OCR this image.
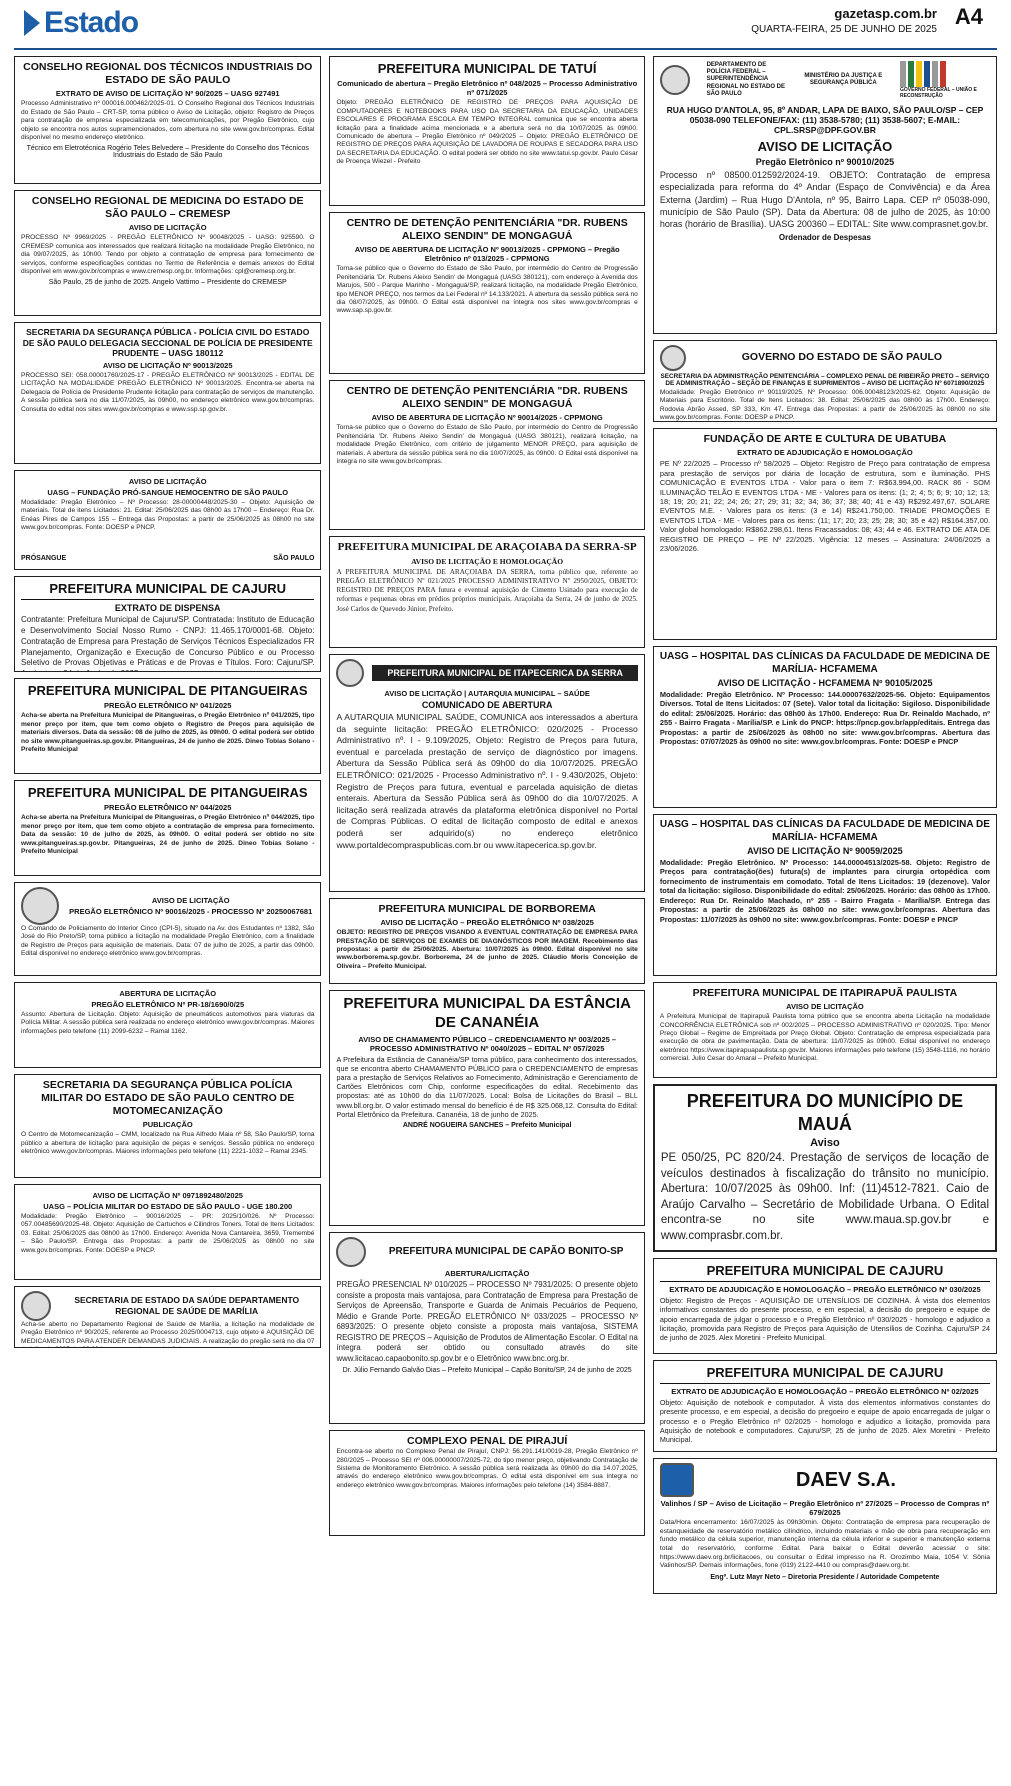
Estado	gazetasp.com.br
QUARTA-FEIRA, 25 DE JUNHO DE 2025
A4
CONSELHO REGIONAL DOS TÉCNICOS INDUSTRIAIS DO ESTADO DE SÃO PAULO
EXTRATO DE AVISO DE LICITAÇÃO Nº 90/2025 – UASG 927491
Processo Administrativo nº 000016.000462/2025-01. O Conselho Regional dos Técnicos Industriais do Estado de São Paulo – CRT-SP, torna público o Aviso de Licitação, objeto: Registro de Preços para contratação de empresa especializada em telecomunicações, por Pregão Eletrônico, cujo objeto se encontra nos autos supramencionados, com abertura no site www.gov.br/compras. Edital disponível no mesmo endereço eletrônico.
Técnico em Eletrotécnica Rogério Teles Belvedere – Presidente do Conselho dos Técnicos Industriais do Estado de São Paulo
CONSELHO REGIONAL DE MEDICINA DO ESTADO DE SÃO PAULO – CREMESP
AVISO DE LICITAÇÃO
PROCESSO Nº 9969/2025 - PREGÃO ELETRÔNICO Nº 90048/2025 - UASG: 925590. O CREMESP comunica aos interessados que realizará licitação na modalidade Pregão Eletrônico, no dia 09/07/2025, às 10h00. Tendo por objeto a contratação de empresa para fornecimento de serviços, conforme especificações contidas no Termo de Referência e demais anexos do Edital disponível em www.gov.br/compras e www.cremesp.org.br. Informações: cpl@cremesp.org.br.
São Paulo, 25 de junho de 2025. Angelo Vattimo – Presidente do CREMESP
SECRETARIA DA SEGURANÇA PÚBLICA - POLÍCIA CIVIL DO ESTADO DE SÃO PAULO DELEGACIA SECCIONAL DE POLÍCIA DE PRESIDENTE PRUDENTE – UASG 180112
AVISO DE LICITAÇÃO Nº 90013/2025
PROCESSO SEI: 058.00001760/2025-17 - PREGÃO ELETRÔNICO Nº 90013/2025 - EDITAL DE LICITAÇÃO NA MODALIDADE PREGÃO ELETRÔNICO Nº 90013/2025. Encontra-se aberta na Delegacia de Polícia de Presidente Prudente licitação para contratação de serviços de manutenção. A sessão pública será no dia 11/07/2025, às 09h00, no endereço eletrônico www.gov.br/compras. Consulta do edital nos sites www.gov.br/compras e www.ssp.sp.gov.br.
AVISO DE LICITAÇÃO
UASG – FUNDAÇÃO PRÓ-SANGUE HEMOCENTRO DE SÃO PAULO
Modalidade: Pregão Eletrônico – Nº Processo: 28-00000448/2025-30 – Objeto: Aquisição de materiais. Total de itens Licitados: 21. Edital: 25/06/2025 das 08h00 às 17h00 – Endereço: Rua Dr. Enéas Pires de Campos 155 – Entrega das Propostas: a partir de 25/06/2025 às 08h00 no site www.gov.br/compras. Fonte: DOESP e PNCP.
PRÓSANGUE	SÃO PAULO
PREFEITURA MUNICIPAL DE CAJURU
EXTRATO DE DISPENSA
Contratante: Prefeitura Municipal de Cajuru/SP. Contratada: Instituto de Educação e Desenvolvimento Social Nosso Rumo - CNPJ: 11.465.170/0001-68. Objeto: Contratação de Empresa para Prestação de Serviços Técnicos Especializados FR Planejamento, Organização e Execução de Concurso Público e ou Processo Seletivo de Provas Objetivas e Práticas e de Provas e Títulos. Foro: Cajuru/SP.
PREFEITURA MUNICIPAL DE PITANGUEIRAS
PREGÃO ELETRÔNICO Nº 041/2025
Acha-se aberta na Prefeitura Municipal de Pitangueiras, o Pregão Eletrônico nº 041/2025, tipo menor preço por item, que tem como objeto o Registro de Preços para aquisição de materiais diversos. Data da sessão: 08 de julho de 2025, às 09h00. O edital poderá ser obtido no site www.pitangueiras.sp.gov.br. Pitangueiras, 24 de junho de 2025. Dineo Tobias Solano - Prefeito Municipal
PREFEITURA MUNICIPAL DE PITANGUEIRAS
PREGÃO ELETRÔNICO Nº 044/2025
Acha-se aberta na Prefeitura Municipal de Pitangueiras, o Pregão Eletrônico nº 044/2025, tipo menor preço por item, que tem como objeto a contratação de empresa para fornecimento. Data da sessão: 10 de julho de 2025, às 09h00. O edital poderá ser obtido no site www.pitangueiras.sp.gov.br. Pitangueiras, 24 de junho de 2025. Dineo Tobias Solano - Prefeito Municipal
AVISO DE LICITAÇÃO
PREGÃO ELETRÔNICO Nº 90016/2025 - PROCESSO Nº 20250067681
O Comando de Policiamento do Interior Cinco (CPI-5), situado na Av. dos Estudantes nº 1382, São José do Rio Preto/SP, torna público a licitação na modalidade Pregão Eletrônico, com a finalidade de Registro de Preços para aquisição de materiais. Data: 07 de julho de 2025, a partir das 09h00. Edital disponível no endereço eletrônico www.gov.br/compras.
ABERTURA DE LICITAÇÃO
PREGÃO ELETRÔNICO Nº PR-18/1690/0/25
Assunto: Abertura de Licitação. Objeto: Aquisição de pneumáticos automotivos para viaturas da Polícia Militar. A sessão pública será realizada no endereço eletrônico www.gov.br/compras. Maiores informações pelo telefone (11) 2099-6232 – Ramal 1162.
SECRETARIA DA SEGURANÇA PÚBLICA POLÍCIA MILITAR DO ESTADO DE SÃO PAULO CENTRO DE MOTOMECANIZAÇÃO
PUBLICAÇÃO
O Centro de Motomecanização – CMM, localizado na Rua Alfredo Maia nº 58, São Paulo/SP, torna público a abertura de licitação para aquisição de peças e serviços. Sessão pública no endereço eletrônico www.gov.br/compras. Maiores informações pelo telefone (11) 2221-1032 – Ramal 2345.
AVISO DE LICITAÇÃO Nº 0971892480/2025
UASG – POLÍCIA MILITAR DO ESTADO DE SÃO PAULO - UGE 180.200
Modalidade: Pregão Eletrônico – 90016/2025 – PR: 2025/10/026. Nº Processo: 057.00485690/2025-48. Objeto: Aquisição de Cartuchos e Cilindros Toners. Total de Itens Licitados: 03. Edital: 25/06/2025 das 08h00 às 17h00. Endereço: Avenida Nova Cantareira, 3659, Tremembé – São Paulo/SP. Entrega das Propostas: a partir de 25/06/2025 às 08h00 no site www.gov.br/compras. Fonte: DOESP e PNCP.
SECRETARIA DE ESTADO DA SAÚDE DEPARTAMENTO REGIONAL DE SAÚDE DE MARÍLIA
Acha-se aberto no Departamento Regional de Saúde de Marília, a licitação na modalidade de Pregão Eletrônico nº 90/2025, referente ao Processo 2025/0004713, cujo objeto é AQUISIÇÃO DE MEDICAMENTOS PARA ATENDER DEMANDAS JUDICIAIS. A realização do pregão será no dia 07
PREFEITURA MUNICIPAL DE TATUÍ
Comunicado de abertura – Pregão Eletrônico nº 048/2025 – Processo Administrativo nº 071/2025
Objeto: PREGÃO ELETRÔNICO DE REGISTRO DE PREÇOS PARA AQUISIÇÃO DE COMPUTADORES E NOTEBOOKS PARA USO DA SECRETARIA DA EDUCAÇÃO, UNIDADES ESCOLARES E PROGRAMA ESCOLA EM TEMPO INTEGRAL comunica que se encontra aberta licitação para a finalidade acima mencionada e a abertura será no dia 10/07/2025 às 09h00. Comunicado de abertura – Pregão Eletrônico nº 049/2025 – Objeto: PREGÃO ELETRÔNICO DE REGISTRO DE PREÇOS PARA AQUISIÇÃO DE LAVADORA DE ROUPAS E SECADORA PARA USO DA SECRETARIA DA EDUCAÇÃO. O edital poderá ser obtido no site www.tatui.sp.gov.br. Paulo César de Proença Wiezel - Prefeito
CENTRO DE DETENÇÃO PENITENCIÁRIA "DR. RUBENS ALEIXO SENDIN" DE MONGAGUÁ
AVISO DE ABERTURA DE LICITAÇÃO Nº 90013/2025 - CPPMONG – Pregão Eletrônico nº 013/2025 - CPPMONG
Torna-se público que o Governo do Estado de São Paulo, por intermédio do Centro de Progressão Penitenciária 'Dr. Rubens Aleixo Sendin' de Mongaguá (UASG 380121), com endereço à Avenida dos Marujos, 500 - Parque Marinho - Mongaguá/SP, realizará licitação, na modalidade Pregão Eletrônico, tipo MENOR PREÇO, nos termos da Lei Federal nº 14.133/2021. A abertura da sessão pública será no dia 08/07/2025, às 09h00. O Edital está disponível na íntegra nos sites www.gov.br/compras e www.sap.sp.gov.br.
CENTRO DE DETENÇÃO PENITENCIÁRIA "DR. RUBENS ALEIXO SENDIN" DE MONGAGUÁ
AVISO DE ABERTURA DE LICITAÇÃO Nº 90014/2025 - CPPMONG
Torna-se público que o Governo do Estado de São Paulo, por intermédio do Centro de Progressão Penitenciária 'Dr. Rubens Aleixo Sendin' de Mongaguá (UASG 380121), realizará licitação, na modalidade Pregão Eletrônico, com critério de julgamento MENOR PREÇO, para aquisição de materiais. A abertura da sessão pública será no dia 10/07/2025, às 09h00. O Edital está disponível na íntegra no site www.gov.br/compras.
PREFEITURA MUNICIPAL DE ARAÇOIABA DA SERRA-SP
AVISO DE LICITAÇÃO E HOMOLOGAÇÃO
A PREFEITURA MUNICIPAL DE ARAÇOIABA DA SERRA, torna público que, referente ao PREGÃO ELETRÔNICO Nº 021/2025 PROCESSO ADMINISTRATIVO Nº 2950/2025, OBJETO: REGISTRO DE PREÇOS PARA futura e eventual aquisição de Cimento Usinado para execução de reformas e pequenas obras em prédios próprios municipais. Araçoiaba da Serra, 24 de junho de 2025. José Carlos de Quevedo Júnior, Prefeito.
PREFEITURA MUNICIPAL DE ITAPECERICA DA SERRA
AVISO DE LICITAÇÃO | AUTARQUIA MUNICIPAL – SAÚDE
COMUNICADO DE ABERTURA
A AUTARQUIA MUNICIPAL SAÚDE, COMUNICA aos interessados a abertura da seguinte licitação: PREGÃO ELETRÔNICO: 020/2025 - Processo Administrativo nº. I - 9.109/2025, Objeto: Registro de Preços para futura, eventual e parcelada prestação de serviço de diagnóstico por imagens. Abertura da Sessão Pública será às 09h00 do dia 10/07/2025. PREGÃO ELETRÔNICO: 021/2025 - Processo Administrativo nº. I - 9.430/2025, Objeto: Registro de Preços para futura, eventual e parcelada aquisição de dietas enterais. Abertura da Sessão Pública será às 09h00 do dia 10/07/2025. A licitação será realizada através da plataforma eletrônica disponível no Portal de Compras Públicas. O edital de licitação composto de edital e anexos poderá ser adquirido(s) no endereço eletrônico www.portaldecompraspublicas.com.br ou www.itapecerica.sp.gov.br.
PREFEITURA MUNICIPAL DE BORBOREMA
AVISO DE LICITAÇÃO – PREGÃO ELETRÔNICO Nº 038/2025
OBJETO: REGISTRO DE PREÇOS VISANDO A EVENTUAL CONTRATAÇÃO DE EMPRESA PARA PRESTAÇÃO DE SERVIÇOS DE EXAMES DE DIAGNÓSTICOS POR IMAGEM. Recebimento das propostas: a partir de 25/06/2025. Abertura: 10/07/2025 às 09h00. Edital disponível no site www.borborema.sp.gov.br. Borborema, 24 de junho de 2025. Cláudio Moris Conceição de Oliveira – Prefeito Municipal.
PREFEITURA MUNICIPAL DA ESTÂNCIA DE CANANÉIA
AVISO DE CHAMAMENTO PÚBLICO – CREDENCIAMENTO Nº 003/2025 – PROCESSO ADMINISTRATIVO Nº 0040/2025 – EDITAL Nº 057/2025
A Prefeitura da Estância de Cananéia/SP torna público, para conhecimento dos interessados, que se encontra aberto CHAMAMENTO PÚBLICO para o CREDENCIAMENTO de empresas para a prestação de Serviços Relativos ao Fornecimento, Administração e Gerenciamento de Cartões Eletrônicos com Chip, conforme especificações do edital. Recebimento das propostas: até as 10h00 do dia 11/07/2025. Local: Bolsa de Licitações do Brasil – BLL www.bll.org.br. O valor estimado mensal do benefício é de R$ 325.068,12. Consulta do Edital: Portal Eletrônico da Prefeitura. Cananéia, 18 de junho de 2025.
ANDRÉ NOGUEIRA SANCHES – Prefeito Municipal
PREFEITURA MUNICIPAL DE CAPÃO BONITO-SP
ABERTURA/LICITAÇÃO
PREGÃO PRESENCIAL Nº 010/2025 – PROCESSO Nº 7931/2025: O presente objeto consiste a proposta mais vantajosa, para Contratação de Empresa para Prestação de Serviços de Apreensão, Transporte e Guarda de Animais Pecuários de Pequeno, Médio e Grande Porte. PREGÃO ELETRÔNICO Nº 033/2025 – PROCESSO Nº 6893/2025: O presente objeto consiste a proposta mais vantajosa, SISTEMA REGISTRO DE PREÇOS – Aquisição de Produtos de Alimentação Escolar. O Edital na íntegra poderá ser obtido ou consultado através do site www.licitacao.capaobonito.sp.gov.br e o Eletrônico www.bnc.org.br.
Dr. Júlio Fernando Galvão Dias – Prefeito Municipal – Capão Bonito/SP, 24 de junho de 2025
COMPLEXO PENAL DE PIRAJUÍ
Encontra-se aberto no Complexo Penal de Pirajuí, CNPJ: 56.291.141/0019-28, Pregão Eletrônico nº 280/2025 – Processo SEI nº 006.00000007/2025-72, do tipo menor preço, objetivando Contratação de Sistema de Monitoramento Eletrônico. A sessão pública será realizada às 09h00 do dia 14.07.2025, através do endereço eletrônico www.gov.br/compras. O edital está disponível em sua íntegra no endereço eletrônico www.gov.br/compras. Maiores informações pelo telefone (14) 3584-8887.
DEPARTAMENTO DE POLÍCIA FEDERAL – SUPERINTENDÊNCIA REGIONAL NO ESTADO DE SÃO PAULO
MINISTÉRIO DA JUSTIÇA E SEGURANÇA PÚBLICA
GOVERNO FEDERAL – UNIÃO E RECONSTRUÇÃO
RUA HUGO D'ANTOLA, 95, 8º ANDAR, LAPA DE BAIXO, SÃO PAULO/SP – CEP 05038-090 TELEFONE/FAX: (11) 3538-5780; (11) 3538-5607; E-MAIL: CPL.SRSP@DPF.GOV.BR
AVISO DE LICITAÇÃO
Pregão Eletrônico nº 90010/2025
Processo nº 08500.012592/2024-19. OBJETO: Contratação de empresa especializada para reforma do 4º Andar (Espaço de Convivência) e da Área Externa (Jardim) – Rua Hugo D'Antola, nº 95, Bairro Lapa. CEP nº 05038-090, município de São Paulo (SP). Data da Abertura: 08 de julho de 2025, às 10:00 horas (horário de Brasília). UASG 200360 – EDITAL: Site www.comprasnet.gov.br.
Ordenador de Despesas
GOVERNO DO ESTADO DE SÃO PAULO
SECRETARIA DA ADMINISTRAÇÃO PENITENCIÁRIA – COMPLEXO PENAL DE RIBEIRÃO PRETO – SERVIÇO DE ADMINISTRAÇÃO – SEÇÃO DE FINANÇAS E SUPRIMENTOS – AVISO DE LICITAÇÃO Nº 6071890/2025
Modalidade: Pregão Eletrônico nº 90119/2025. Nº Processo: 006.00048123/2025-62. Objeto: Aquisição de Materiais para Escritório. Total de Itens Licitados: 38. Edital: 25/06/2025 das 08h00 às 17h00. Endereço: Rodovia Abrão Assed, SP 333, Km 47. Entrega das Propostas: a partir de 25/06/2025 às 08h00 no site www.gov.br/compras. Fonte: DOESP e PNCP.
FUNDAÇÃO DE ARTE E CULTURA DE UBATUBA
EXTRATO DE ADJUDICAÇÃO E HOMOLOGAÇÃO
PE Nº 22/2025 – Processo nº 58/2025 – Objeto: Registro de Preço para contratação de empresa para prestação de serviços por diária de locação de estrutura, som e iluminação. PHS COMUNICAÇÃO E EVENTOS LTDA - Valor para o item 7: R$63.994,00. RACK 86 - SOM ILUMINAÇÃO TELÃO E EVENTOS LTDA - ME - Valores para os itens: (1; 2; 4; 5; 6; 9; 10; 12; 13; 18; 19; 20; 21; 22; 24; 26; 27; 29; 31; 32; 34; 36; 37; 38; 40; 41 e 43) R$292.497,67. SOLARE EVENTOS M.E. - Valores para os itens: (3 e 14) R$241.750,00. TRIADE PROMOÇÕES E EVENTOS LTDA - ME - Valores para os itens: (11; 17; 20; 23; 25; 28; 30; 35 e 42) R$164.357,00. Valor global homologado: R$862.298,61. Itens Fracassados: 08; 43; 44 e 46. EXTRATO DE ATA DE REGISTRO DE PREÇO – PE Nº 22/2025. Vigência: 12 meses – Assinatura: 24/06/2025 a 23/06/2026.
UASG – HOSPITAL DAS CLÍNICAS DA FACULDADE DE MEDICINA DE MARÍLIA- HCFAMEMA
AVISO DE LICITAÇÃO - HCFAMEMA Nº 90105/2025
Modalidade: Pregão Eletrônico. Nº Processo: 144.00007632/2025-56. Objeto: Equipamentos Diversos. Total de Itens Licitados: 07 (Sete). Valor total da licitação: Sigiloso. Disponibilidade do edital: 25/06/2025. Horário: das 08h00 às 17h00. Endereço: Rua Dr. Reinaldo Machado, nº 255 - Bairro Fragata - Marília/SP. e Link do PNCP: https://pncp.gov.br/app/editais. Entrega das Propostas: a partir de 25/06/2025 às 08h00 no site: www.gov.br/compras. Abertura das Propostas: 07/07/2025 às 09h00 no site: www.gov.br/compras. Fonte: DOESP e PNCP
UASG – HOSPITAL DAS CLÍNICAS DA FACULDADE DE MEDICINA DE MARÍLIA- HCFAMEMA
AVISO DE LICITAÇÃO Nº 90059/2025
Modalidade: Pregão Eletrônico. Nº Processo: 144.00004513/2025-58. Objeto: Registro de Preços para contratação(ões) futura(s) de implantes para cirurgia ortopédica com fornecimento de instrumentais em comodato. Total de Itens Licitados: 19 (dezenove). Valor total da licitação: sigiloso. Disponibilidade do edital: 25/06/2025. Horário: das 08h00 às 17h00. Endereço: Rua Dr. Reinaldo Machado, nº 255 - Bairro Fragata - Marília/SP. Entrega das Propostas: a partir de 25/06/2025 às 08h00 no site: www.gov.br/compras. Abertura das Propostas: 11/07/2025 às 09h00 no site: www.gov.br/compras. Fonte: DOESP e PNCP
PREFEITURA MUNICIPAL DE ITAPIRAPUÃ PAULISTA
AVISO DE LICITAÇÃO
A Prefeitura Municipal de Itapirapuã Paulista torna público que se encontra aberta Licitação na modalidade CONCORRÊNCIA ELETRÔNICA sob nº 002/2025 – PROCESSO ADMINISTRATIVO nº 020/2025. Tipo: Menor Preço Global – Regime de Empreitada por Preço Global. Objeto: Contratação de empresa especializada para execução de obra de pavimentação. Data de abertura: 11/07/2025 às 09h00. Edital disponível no endereço eletrônico https://www.itapirapuapaulista.sp.gov.br. Maiores informações pelo telefone (15) 3548-1116, no horário comercial. Julio Cesar do Amaral – Prefeito Municipal.
PREFEITURA DO MUNICÍPIO DE MAUÁ
Aviso
PE 050/25, PC 820/24. Prestação de serviços de locação de veículos destinados à fiscalização do trânsito no município. Abertura: 10/07/2025 às 09h00. Inf: (11)4512-7821. Caio de Araújo Carvalho – Secretário de Mobilidade Urbana. O Edital encontra-se no site www.maua.sp.gov.br e www.comprasbr.com.br.
PREFEITURA MUNICIPAL DE CAJURU
EXTRATO DE ADJUDICAÇÃO E HOMOLOGAÇÃO – PREGÃO ELETRÔNICO Nº 030/2025
Objeto: Registro de Preços - AQUISIÇÃO DE UTENSÍLIOS DE COZINHA. À vista dos elementos informativos constantes do presente processo, e em especial, a decisão do pregoeiro e equipe de apoio encarregada de julgar o processo e o Pregão Eletrônico nº 030/2025 - homologo e adjudico a licitação, promovida para Registro de Preços para Aquisição de Utensílios de Cozinha. Cajuru/SP 24 de junho de 2025. Alex Moretini - Prefeito Municipal.
PREFEITURA MUNICIPAL DE CAJURU
EXTRATO DE ADJUDICAÇÃO E HOMOLOGAÇÃO – PREGÃO ELETRÔNICO Nº 02/2025
Objeto: Aquisição de notebook e computador. À vista dos elementos informativos constantes do presente processo, e em especial, a decisão do pregoeiro e equipe de apoio encarregada de julgar o processo e o Pregão Eletrônico nº 02/2025 - homologo e adjudico a licitação, promovida para Aquisição de notebook e computadores. Cajuru/SP, 25 de junho de 2025. Alex Moretini - Prefeito Municipal.
DAEV S.A.
Valinhos / SP – Aviso de Licitação – Pregão Eletrônico nº 27/2025 – Processo de Compras nº 679/2025
Data/Hora encerramento: 16/07/2025 às 09h30min. Objeto: Contratação de empresa para recuperação de estanqueidade de reservatório metálico cilíndrico, incluindo materiais e mão de obra para recuperação em fundo metálico da célula superior, manutenção interna da célula inferior e superior e manutenção externa total do reservatório, conforme Edital. Para baixar o Edital deverão acessar o site: https://www.daev.org.br/licitacoes, ou consultar o Edital impresso na R. Orozimbo Maia, 1054 V. Sônia Valinhos/SP. Demais informações, fone (019) 2122-4410 ou compras@daev.org.br.
Engº. Lutz Mayr Neto – Diretoria Presidente / Autoridade Competente
